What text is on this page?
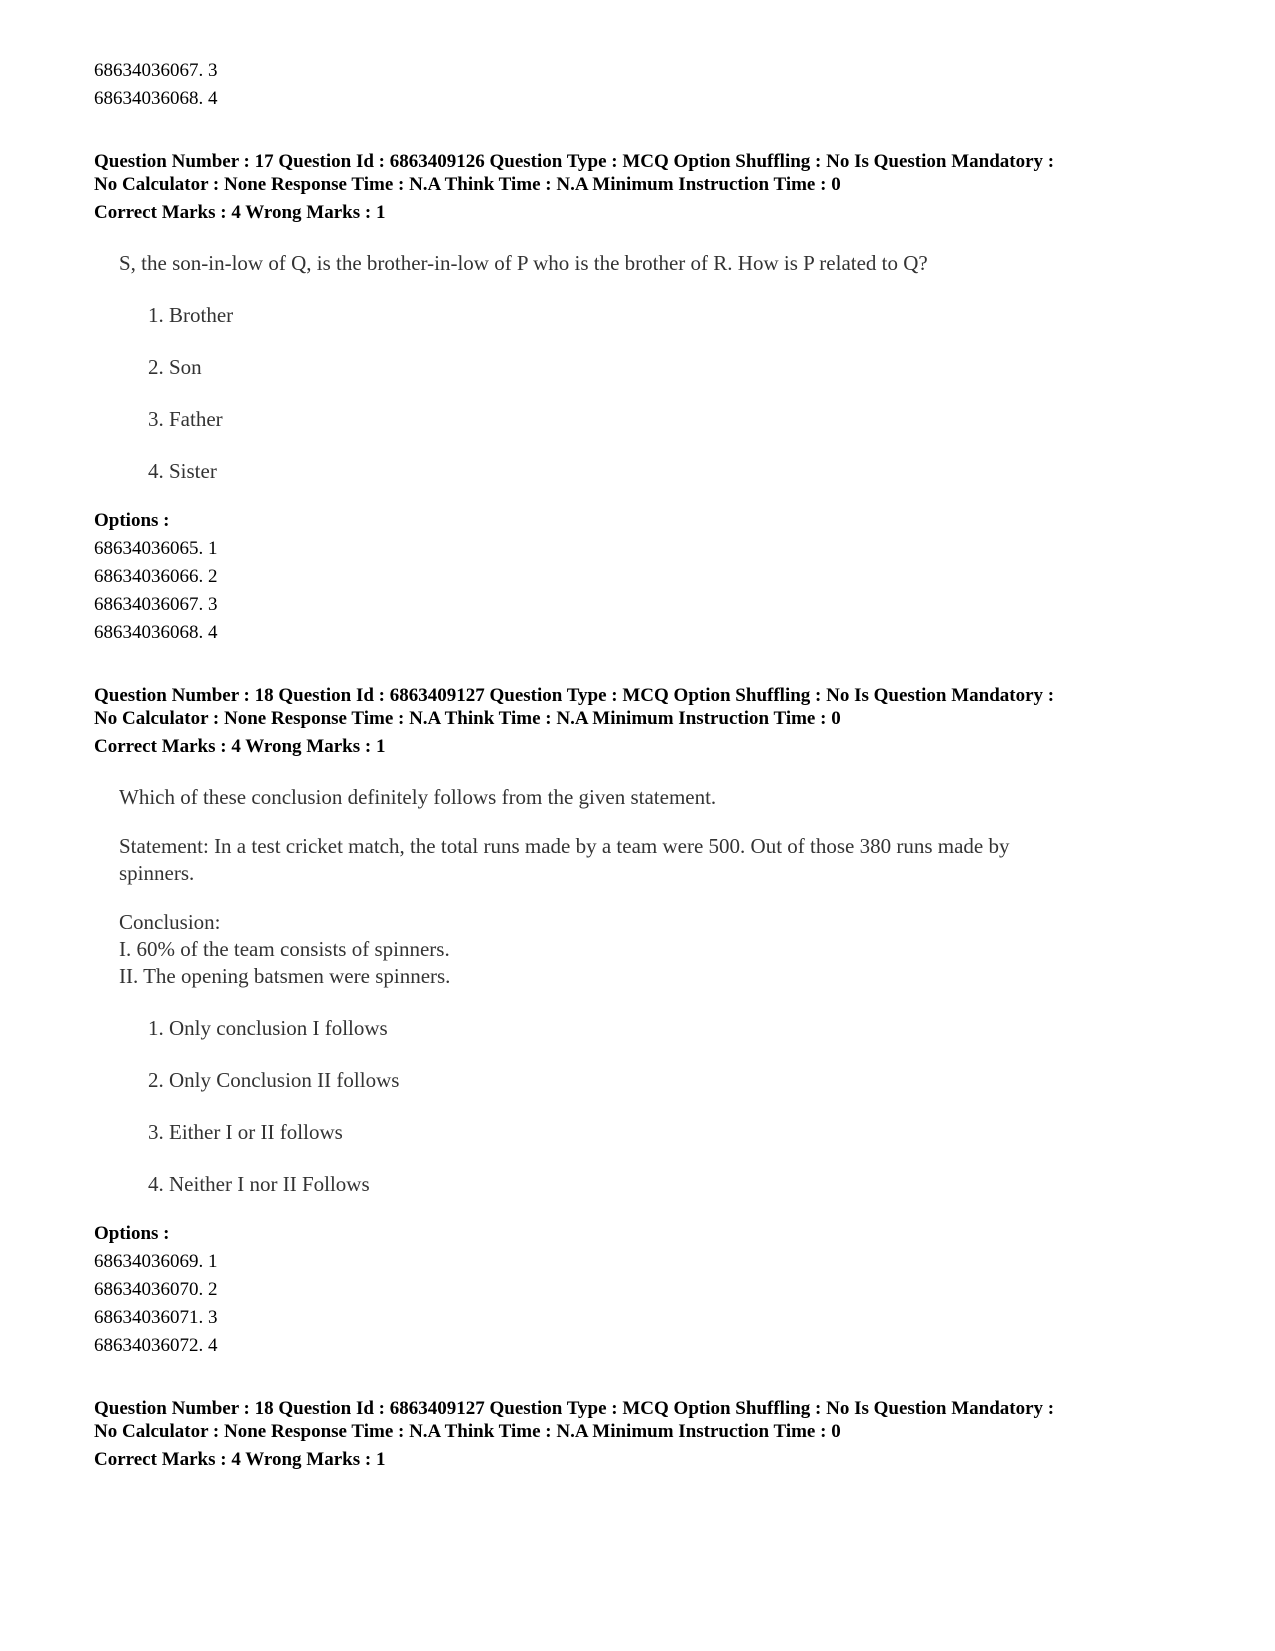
68634036067. 3
68634036068. 4
Question Number : 17 Question Id : 6863409126 Question Type : MCQ Option Shuffling : No Is Question Mandatory :
No Calculator : None Response Time : N.A Think Time : N.A Minimum Instruction Time : 0
Correct Marks : 4 Wrong Marks : 1
S, the son-in-low of Q, is the brother-in-low of P who is the brother of R. How is P related to Q?
1. Brother
2. Son
3. Father
4. Sister
Options :
68634036065. 1
68634036066. 2
68634036067. 3
68634036068. 4
Question Number : 18 Question Id : 6863409127 Question Type : MCQ Option Shuffling : No Is Question Mandatory :
No Calculator : None Response Time : N.A Think Time : N.A Minimum Instruction Time : 0
Correct Marks : 4 Wrong Marks : 1
Which of these conclusion definitely follows from the given statement.
Statement: In a test cricket match, the total runs made by a team were 500. Out of those 380 runs made by
spinners.
Conclusion:
I. 60% of the team consists of spinners.
II. The opening batsmen were spinners.
1. Only conclusion I follows
2. Only Conclusion II follows
3. Either I or II follows
4. Neither I nor II Follows
Options :
68634036069. 1
68634036070. 2
68634036071. 3
68634036072. 4
Question Number : 18 Question Id : 6863409127 Question Type : MCQ Option Shuffling : No Is Question Mandatory :
No Calculator : None Response Time : N.A Think Time : N.A Minimum Instruction Time : 0
Correct Marks : 4 Wrong Marks : 1
